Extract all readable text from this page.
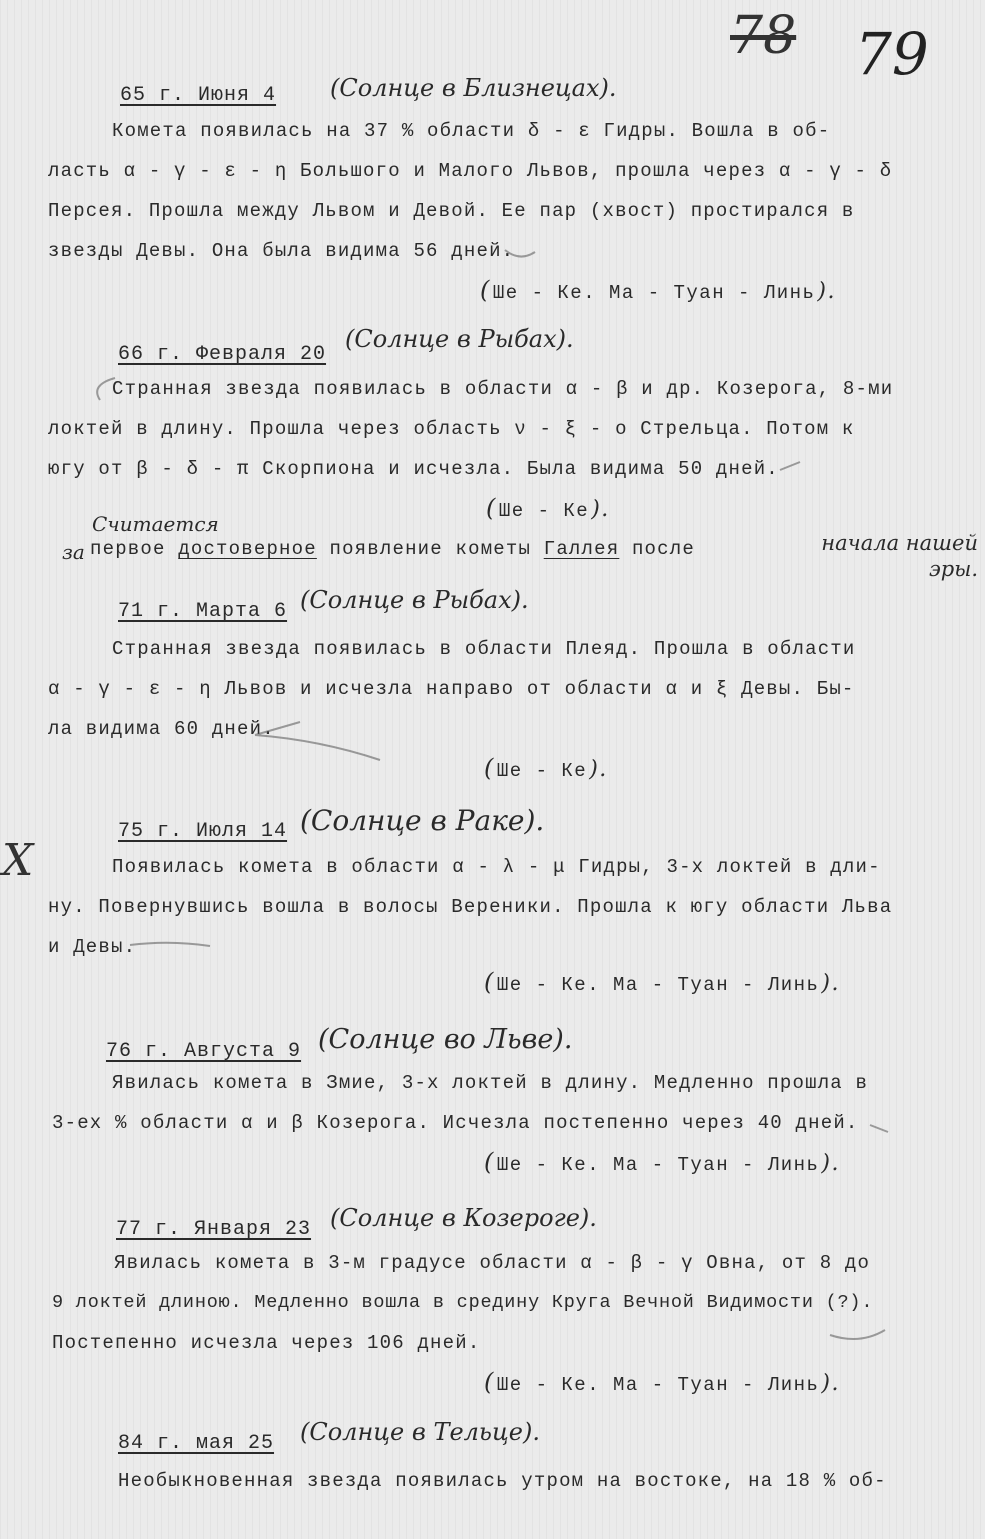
78 79
X
65 г. Июня 4 (Солнце в Близнецах).
Комета появилась на 37 % области δ - ε Гидры. Вошла в об-
ласть α - γ - ε - η Большого и Малого Львов, прошла через α - γ - δ
Персея. Прошла между Львом и Девой. Ее пар (хвост) простирался в
звезды Девы. Она была видима 56 дней.
( Ше - Ке. Ма - Туан - Линь ).
66 г. Февраля 20
(Солнце в Рыбах).
Странная звезда появилась в области α - β и др. Козерога, 8-ми
локтей в длину. Прошла через область ν - ξ - ο Стрельца. Потом к
югу от β - δ - π Скорпиона и исчезла. Была видима 50 дней.
( Ше - Ке ).
Считается
за первое достоверное появление кометы Галлея после	начала нашей эры.
71 г. Марта 6 (Солнце в Рыбах).
Странная звезда появилась в области Плеяд. Прошла в области
α - γ - ε - η Львов и исчезла направо от области α и ξ Девы. Бы-
ла видима 60 дней.
( Ше - Ке ).
75 г. Июля 14 (Солнце в Раке).
Появилась комета в области α - λ - μ Гидры, 3-х локтей в дли-
ну. Повернувшись вошла в волосы Вереники. Прошла к югу области Льва
и Девы.
( Ше - Ке. Ма - Туан - Линь ).
76 г. Августа 9 (Солнце во Льве).
Явилась комета в Змие, 3-х локтей в длину. Медленно прошла в
3-ех % области α и β Козерога. Исчезла постепенно через 40 дней.
( Ше - Ке. Ма - Туан - Линь ).
77 г. Января 23 (Солнце в Козероге).
Явилась комета в 3-м градусе области α - β - γ Овна, от 8 до
9 локтей длиною. Медленно вошла в средину Круга Вечной Видимости (?).
Постепенно исчезла через 106 дней.
( Ше - Ке. Ма - Туан - Линь ).
84 г. мая 25 (Солнце в Тельце).
Необыкновенная звезда появилась утром на востоке, на 18 % об-
